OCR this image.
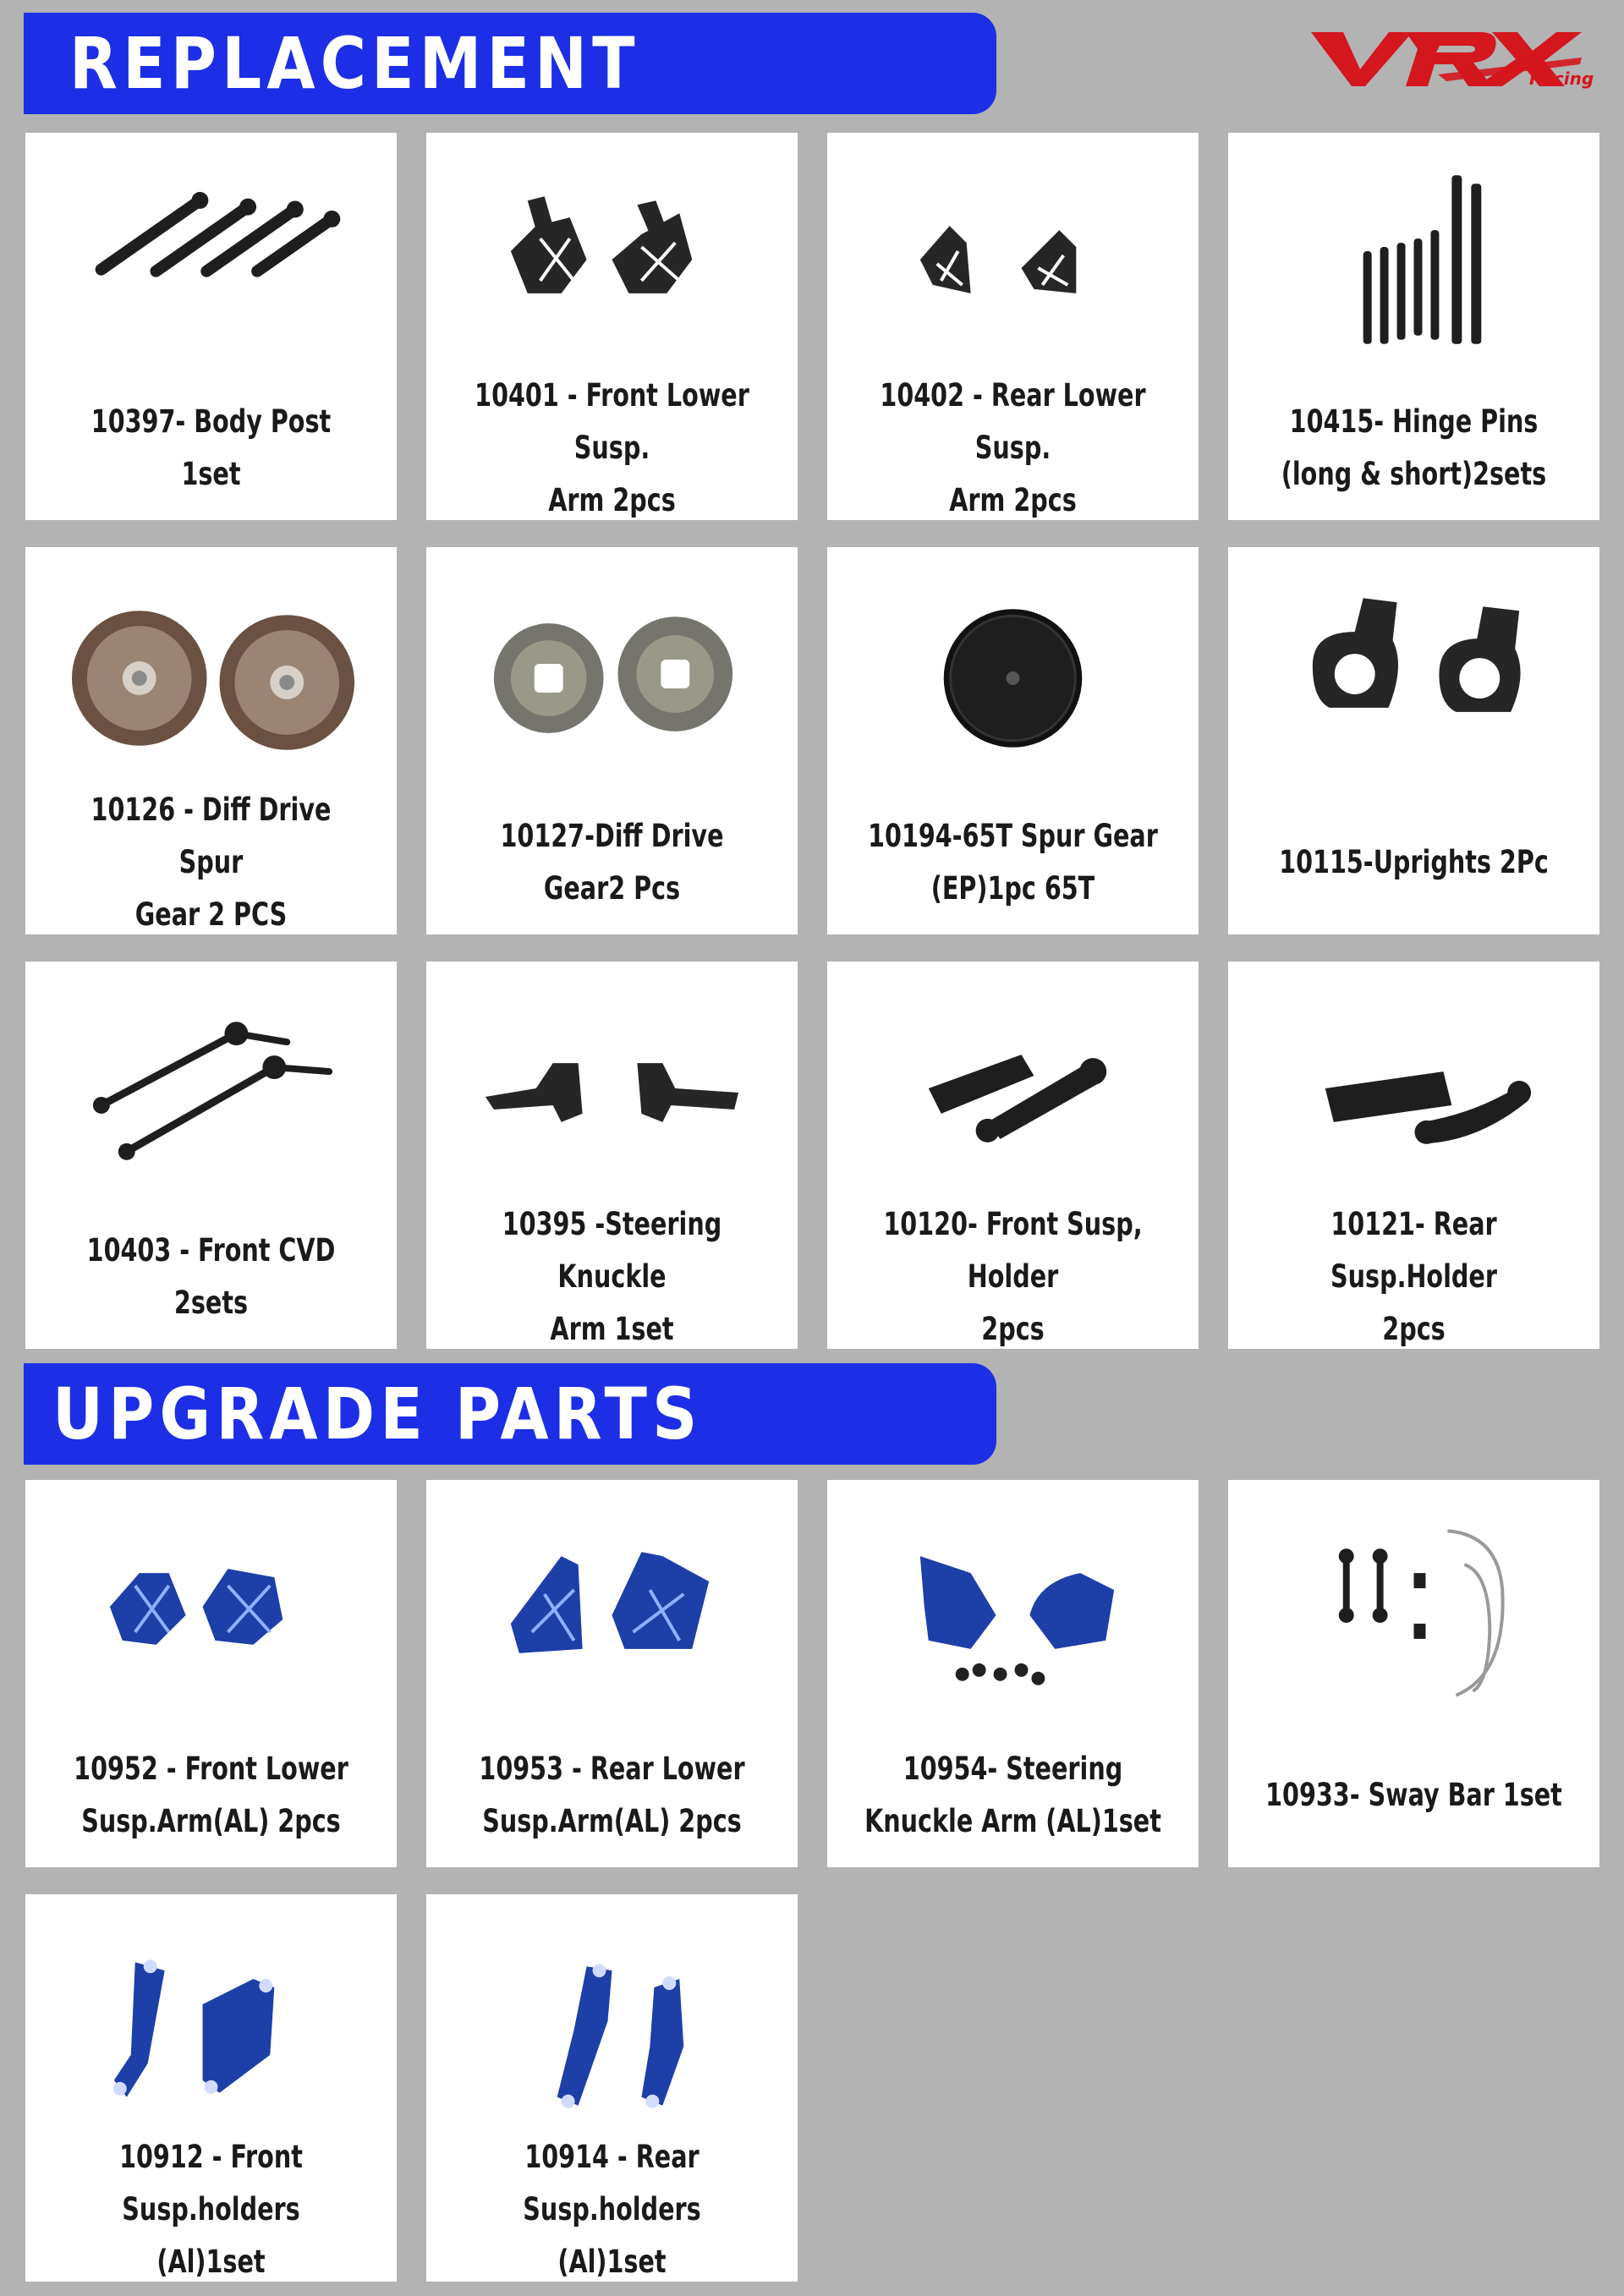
REPLACEMENT	Racing
UPGRADE PARTS
10397- Body Post 1set
10401 - Front Lower Susp.
Arm 2pcs
10402 - Rear Lower Susp.
Arm 2pcs
10415- Hinge Pins
(long & short)2sets
10126 - Diff Drive Spur
Gear 2 PCS
10127-Diff Drive Gear2 Pcs
10194-65T Spur Gear
(EP)1pc 65T
10115-Uprights 2Pc
10403 - Front CVD 2sets
10395 -Steering Knuckle
Arm 1set
10120- Front Susp, Holder
2pcs
10121- Rear Susp.Holder
2pcs
10952 - Front Lower
Susp.Arm(AL) 2pcs
10953 - Rear Lower
Susp.Arm(AL) 2pcs
10954- Steering
Knuckle Arm (AL)1set
10933- Sway Bar 1set
10912 - Front Susp.holders
(Al)1set
10914 - Rear Susp.holders
(Al)1set
